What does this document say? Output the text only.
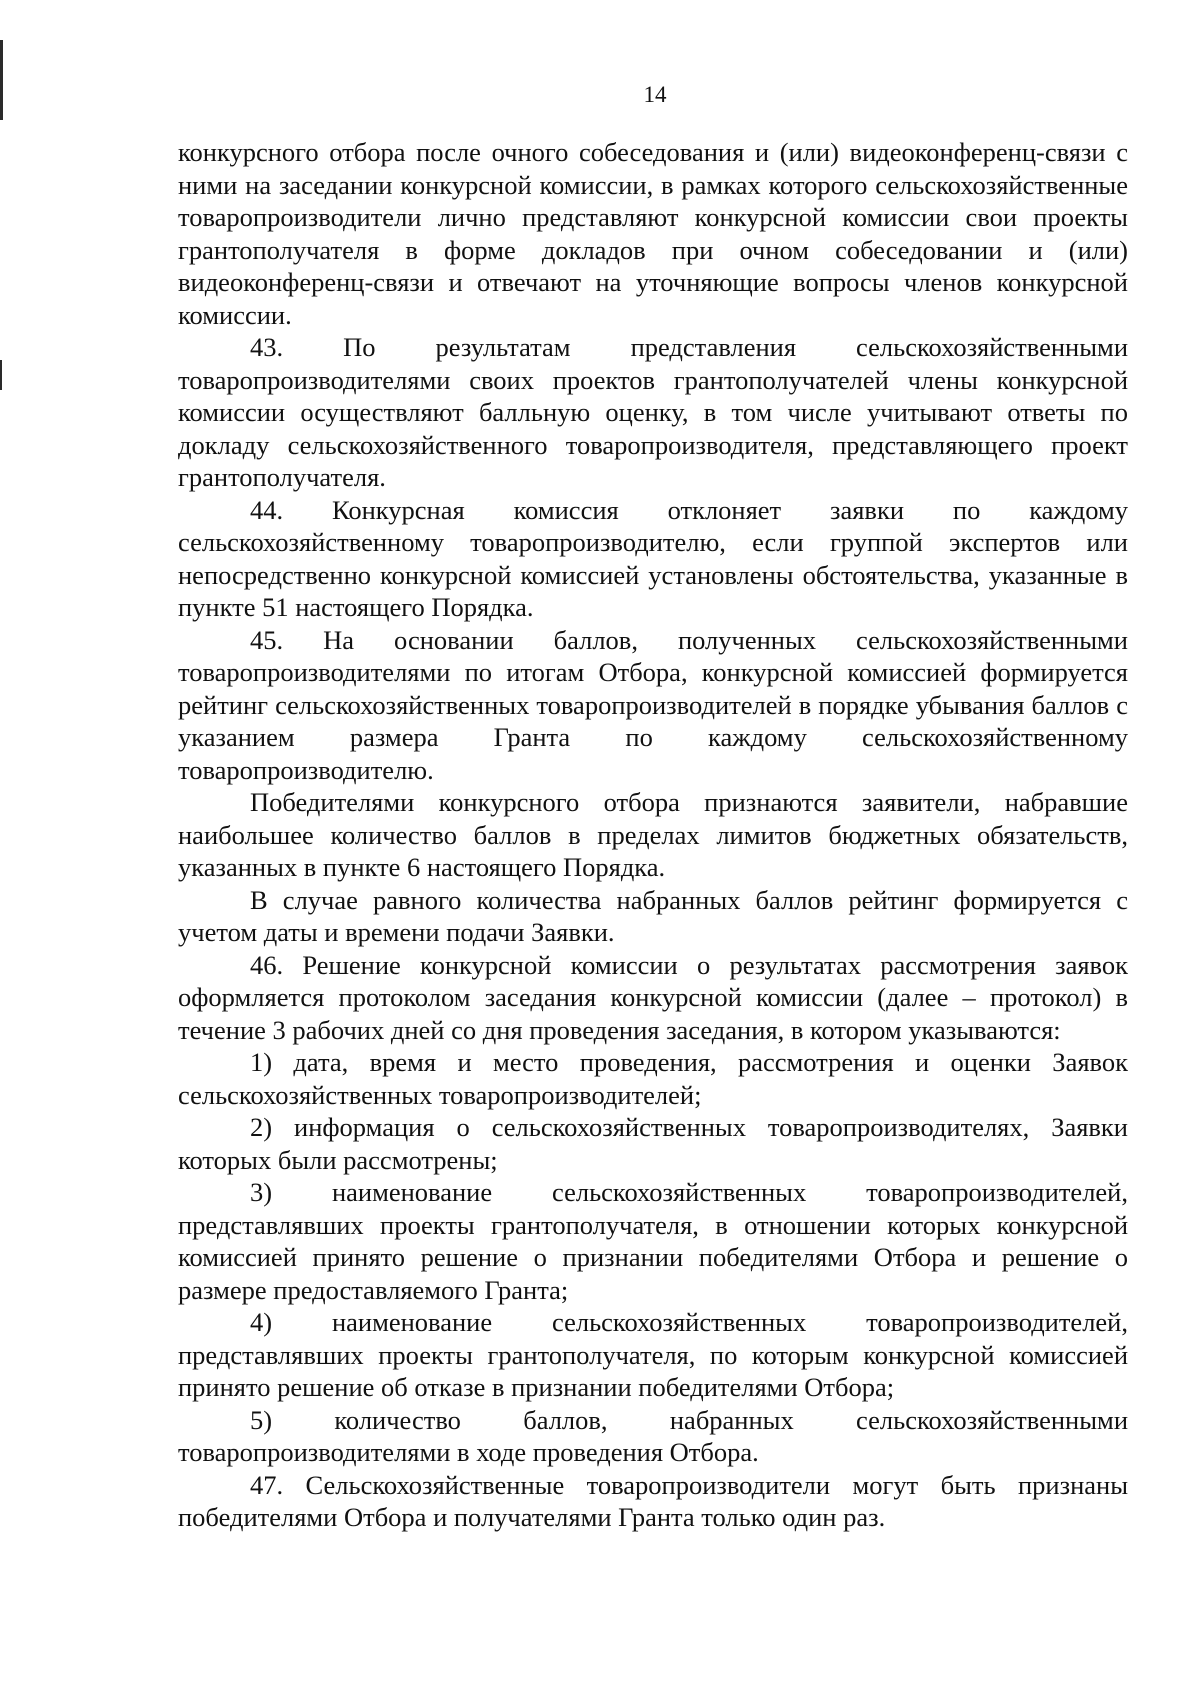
14

конкурсного отбора после очного собеседования и (или) видеоконференц-связи с ними на заседании конкурсной комиссии, в рамках которого сельскохозяйственные товаропроизводители лично представляют конкурсной комиссии свои проекты грантополучателя в форме докладов при очном собеседовании и (или) видеоконференц-связи и отвечают на уточняющие вопросы членов конкурсной комиссии.

43. По результатам представления сельскохозяйственными товаропроизводителями своих проектов грантополучателей члены конкурсной комиссии осуществляют балльную оценку, в том числе учитывают ответы по докладу сельскохозяйственного товаропроизводителя, представляющего проект грантополучателя.

44. Конкурсная комиссия отклоняет заявки по каждому сельскохозяйственному товаропроизводителю, если группой экспертов или непосредственно конкурсной комиссией установлены обстоятельства, указанные в пункте 51 настоящего Порядка.

45. На основании баллов, полученных сельскохозяйственными товаропроизводителями по итогам Отбора, конкурсной комиссией формируется рейтинг сельскохозяйственных товаропроизводителей в порядке убывания баллов с указанием размера Гранта по каждому сельскохозяйственному товаропроизводителю.

Победителями конкурсного отбора признаются заявители, набравшие наибольшее количество баллов в пределах лимитов бюджетных обязательств, указанных в пункте 6 настоящего Порядка.

В случае равного количества набранных баллов рейтинг формируется с учетом даты и времени подачи Заявки.

46. Решение конкурсной комиссии о результатах рассмотрения заявок оформляется протоколом заседания конкурсной комиссии (далее – протокол) в течение 3 рабочих дней со дня проведения заседания, в котором указываются:

1) дата, время и место проведения, рассмотрения и оценки Заявок сельскохозяйственных товаропроизводителей;

2) информация о сельскохозяйственных товаропроизводителях, Заявки которых были рассмотрены;

3) наименование сельскохозяйственных товаропроизводителей, представлявших проекты грантополучателя, в отношении которых конкурсной комиссией принято решение о признании победителями Отбора и решение о размере предоставляемого Гранта;

4) наименование сельскохозяйственных товаропроизводителей, представлявших проекты грантополучателя, по которым конкурсной комиссией принято решение об отказе в признании победителями Отбора;

5) количество баллов, набранных сельскохозяйственными товаропроизводителями в ходе проведения Отбора.

47. Сельскохозяйственные товаропроизводители могут быть признаны победителями Отбора и получателями Гранта только один раз.
